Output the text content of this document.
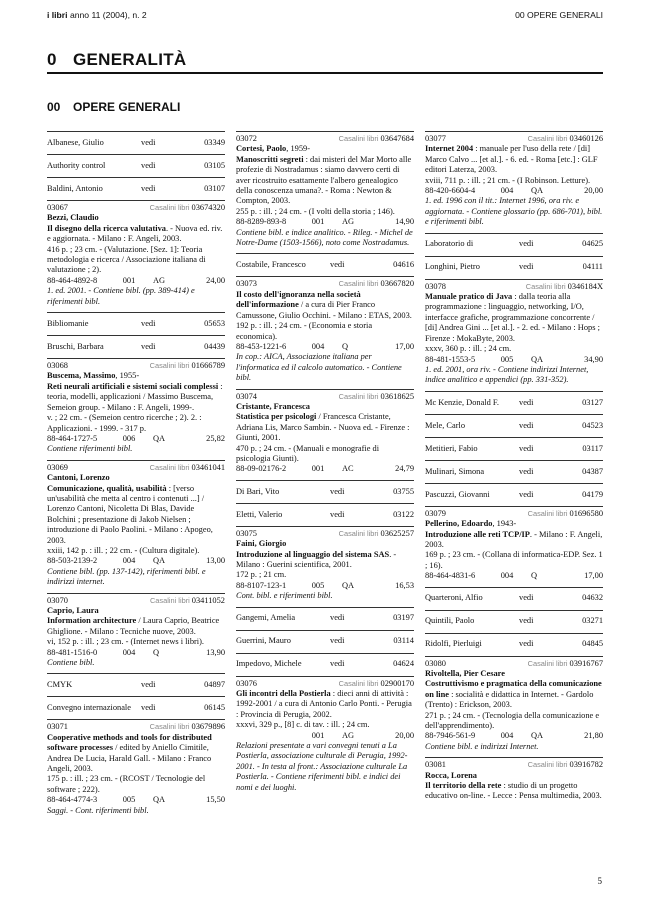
i libri anno 11 (2004), n. 2	00 OPERE GENERALI
0 GENERALITÀ
00 OPERE GENERALI
Albanese, Giulio	vedi	03349
Authority control	vedi	03105
Baldini, Antonio	vedi	03107
03067	Casalini libri 03674320
Bezzi, Claudio
Il disegno della ricerca valutativa. - Nuova ed. riv. e aggiornata. - Milano : F. Angeli, 2003.
416 p. ; 23 cm. - (Valutazione. [Sez. 1]: Teoria metodologia e ricerca / Associazione italiana di valutazione ; 2).
88-464-4892-8	001	AG	24,00
1. ed. 2001. - Contiene bibl. (pp. 389-414) e riferimenti bibl.
Bibliomanie	vedi	05653
Bruschi, Barbara	vedi	04439
03068	Casalini libri 01666789
Buscema, Massimo, 1955-
Reti neurali artificiali e sistemi sociali complessi : teoria, modelli, applicazioni / Massimo Buscema, Semeion group. - Milano : F. Angeli, 1999-.
v. ; 22 cm. - (Semeion centro ricerche ; 2). 2. : Applicazioni. - 1999. - 317 p.
88-464-1727-5	006	QA	25,82
Contiene riferimenti bibl.
03069	Casalini libri 03461041
Cantoni, Lorenzo
Comunicazione, qualità, usabilità : [verso un'usabilità che metta al centro i contenuti ...] / Lorenzo Cantoni, Nicoletta Di Blas, Davide Bolchini ; presentazione di Jakob Nielsen ; introduzione di Paolo Paolini. - Milano : Apogeo, 2003.
xxiii, 142 p. : ill. ; 22 cm. - (Cultura digitale).
88-503-2139-2	004	QA	13,00
Contiene bibl. (pp. 137-142), riferimenti bibl. e indirizzi internet.
03070	Casalini libri 03411052
Caprio, Laura
Information architecture / Laura Caprio, Beatrice Ghiglione. - Milano : Tecniche nuove, 2003.
vi, 152 p. : ill. ; 23 cm. - (Internet news i libri).
88-481-1516-0	004	Q	13,90
Contiene bibl.
CMYK	vedi	04897
Convegno internazionale	vedi	06145
03071	Casalini libri 03679896
Cooperative methods and tools for distributed software processes / edited by Aniello Cimitile, Andrea De Lucia, Harald Gall. - Milano : Franco Angeli, 2003.
175 p. : ill. ; 23 cm. - (RCOST / Tecnologie del software ; 222).
88-464-4774-3	005	QA	15,50
Saggi. - Cont. riferimenti bibl.
03072	Casalini libri 03647684
Cortesi, Paolo, 1959-
Manoscritti segreti : dai misteri del Mar Morto alle profezie di Nostradamus : siamo davvero certi di aver ricostruito esattamente l'albero genealogico della conoscenza umana?. - Roma : Newton & Compton, 2003.
255 p. : ill. ; 24 cm. - (I volti della storia ; 146).
88-8289-893-8	001	AG	14,90
Contiene bibl. e indice analitico. - Rileg. - Michel de Notre-Dame (1503-1566), noto come Nostradamus.
Costabile, Francesco	vedi	04616
03073	Casalini libri 03667820
Il costo dell'ignoranza nella società dell'informazione / a cura di Pier Franco Camussone, Giulio Occhini. - Milano : ETAS, 2003.
192 p. : ill. ; 24 cm. - (Economia e storia economica).
88-453-1221-6	004	Q	17,00
In cop.: AICA, Associazione italiana per l'informatica ed il calcolo automatico. - Contiene bibl.
03074	Casalini libri 03618625
Cristante, Francesca
Statistica per psicologi / Francesca Cristante, Adriana Lis, Marco Sambin. - Nuova ed. - Firenze : Giunti, 2001.
470 p. ; 24 cm. - (Manuali e monografie di psicologia Giunti).
88-09-02176-2	001	AC	24,79
Di Bari, Vito	vedi	03755
Eletti, Valerio	vedi	03122
03075	Casalini libri 03625257
Faini, Giorgio
Introduzione al linguaggio del sistema SAS. - Milano : Guerini scientifica, 2001.
172 p. ; 21 cm.
88-8107-123-1	005	QA	16,53
Cont. bibl. e riferimenti bibl.
Gangemi, Amelia	vedi	03197
Guerrini, Mauro	vedi	03114
Impedovo, Michele	vedi	04624
03076	Casalini libri 02900170
Gli incontri della Postierla : dieci anni di attività : 1992-2001 / a cura di Antonio Carlo Ponti. - Perugia : Provincia di Perugia, 2002.
xxxvi, 329 p., [8] c. di tav. : ill. ; 24 cm.
001	AG	20,00
Relazioni presentate a vari convegni tenuti a La Postierla, associazione culturale di Perugia, 1992-2001. - In testa al front.: Associazione culturale La Postierla. - Contiene riferimenti bibl. e indici dei nomi e dei luoghi.
03077	Casalini libri 03460126
Internet 2004 : manuale per l'uso della rete / [di] Marco Calvo ... [et al.]. - 6. ed. - Roma [etc.] : GLF editori Laterza, 2003.
xviii, 711 p. : ill. ; 21 cm. - (I Robinson. Letture).
88-420-6604-4	004	QA	20,00
1. ed. 1996 con il tit.: Internet 1996, ora riv. e aggiornata. - Contiene glossario (pp. 686-701), bibl. e riferimenti bibl.
Laboratorio di	vedi	04625
Longhini, Pietro	vedi	04111
03078	Casalini libri 0346184X
Manuale pratico di Java : dalla teoria alla programmazione : linguaggio, networking, I/O, interfacce grafiche, programmazione concorrente / [di] Andrea Gini ... [et al.]. - 2. ed. - Milano : Hops ; Firenze : MokaByte, 2003.
xxxv, 360 p. : ill. ; 24 cm.
88-481-1553-5	005	QA	34,90
1. ed. 2001, ora riv. - Contiene indirizzi Internet, indice analitico e appendici (pp. 331-352).
Mc Kenzie, Donald F.	vedi	03127
Mele, Carlo	vedi	04523
Metitieri, Fabio	vedi	03117
Mulinari, Simona	vedi	04387
Pascuzzi, Giovanni	vedi	04179
03079	Casalini libri 01696580
Pellerino, Edoardo, 1943-
Introduzione alle reti TCP/IP. - Milano : F. Angeli, 2003.
169 p. ; 23 cm. - (Collana di informatica-EDP. Sez. 1 ; 16).
88-464-4831-6	004	Q	17,00
Quarteroni, Alfio	vedi	04632
Quintili, Paolo	vedi	03271
Ridolfi, Pierluigi	vedi	04845
03080	Casalini libri 03916767
Rivoltella, Pier Cesare
Costruttivismo e pragmatica della comunicazione on line : socialità e didattica in Internet. - Gardolo (Trento) : Erickson, 2003.
271 p. ; 24 cm. - (Tecnologia della comunicazione e dell'apprendimento).
88-7946-561-9	004	QA	21,80
Contiene bibl. e indirizzi Internet.
03081	Casalini libri 03916782
Rocca, Lorena
Il territorio della rete : studio di un progetto educativo on-line. - Lecce : Pensa multimedia, 2003.
5
